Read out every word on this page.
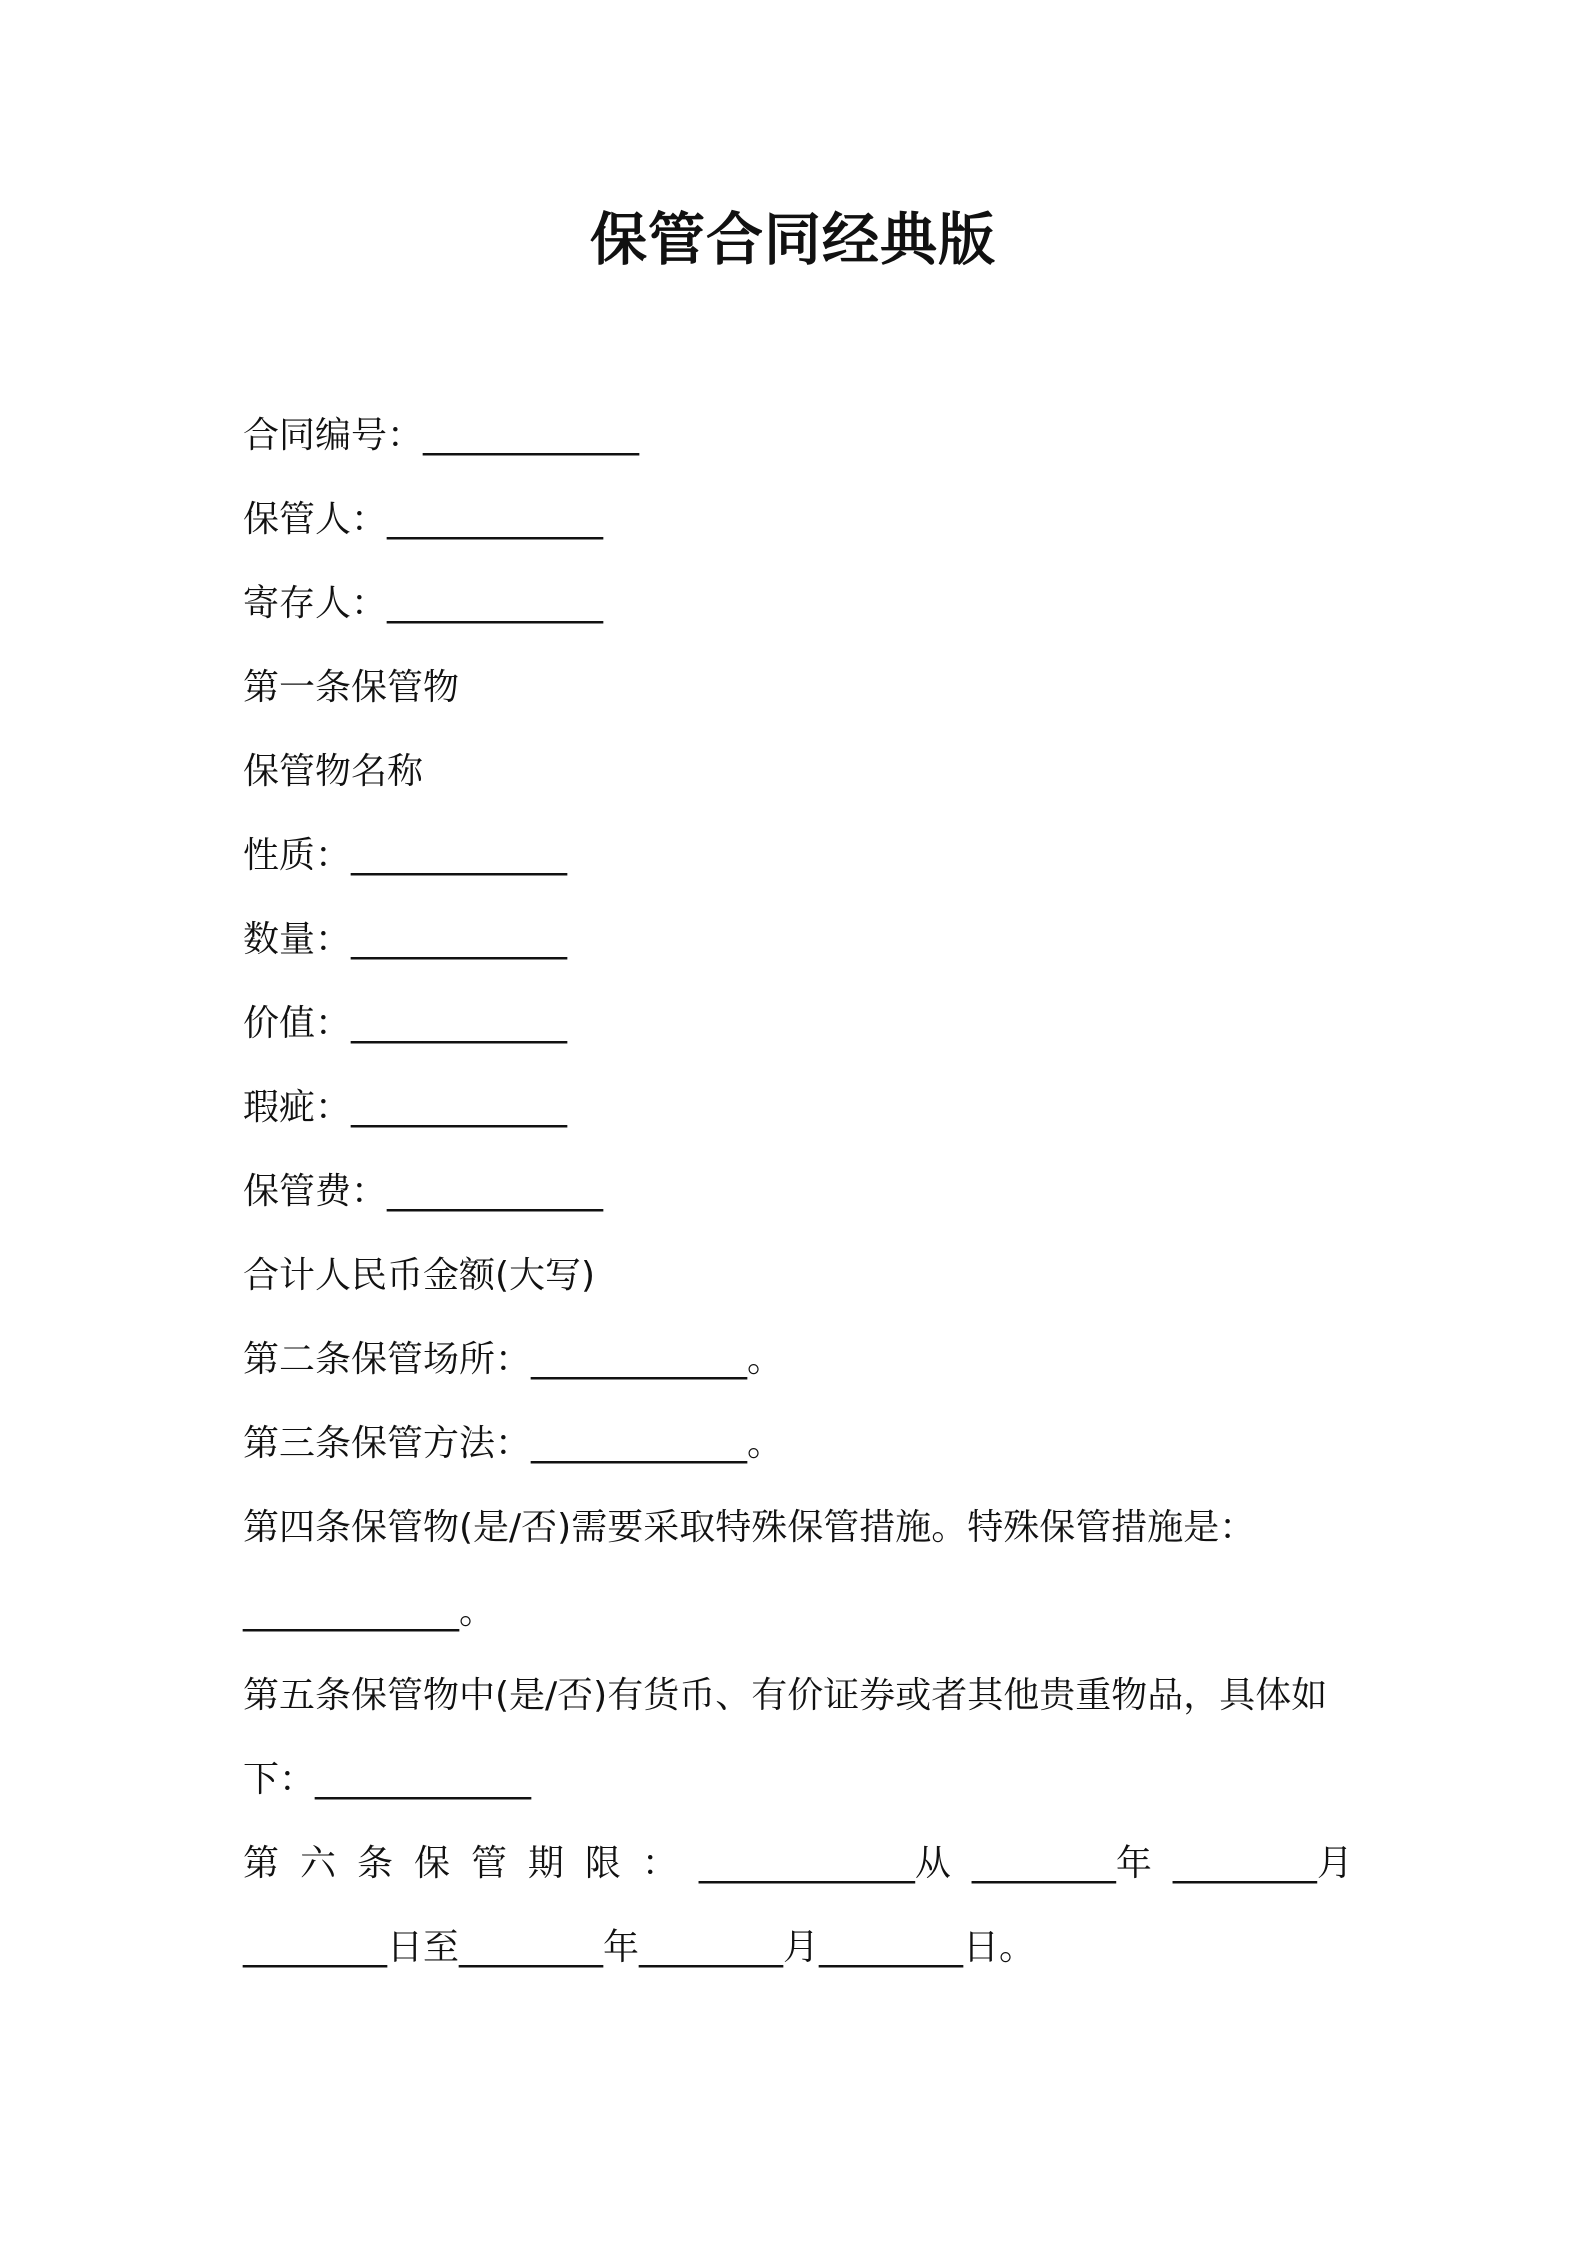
保管合同经典版
合同编号：____________
保管人：____________
寄存人：____________
第一条保管物
保管物名称
性质：____________
数量：____________
价值：____________
瑕疵：____________
保管费：____________
合计人民币金额(大写)
第二条保管场所：____________。
第三条保管方法：____________。
第四条保管物(是/否)需要采取特殊保管措施。特殊保管措施是：
____________。
第五条保管物中(是/否)有货币、有价证券或者其他贵重物品，具体如
下：____________
第 六 条 保 管 期 限 ： ____________从 ________年 ________月
________日至________年________月________日。
